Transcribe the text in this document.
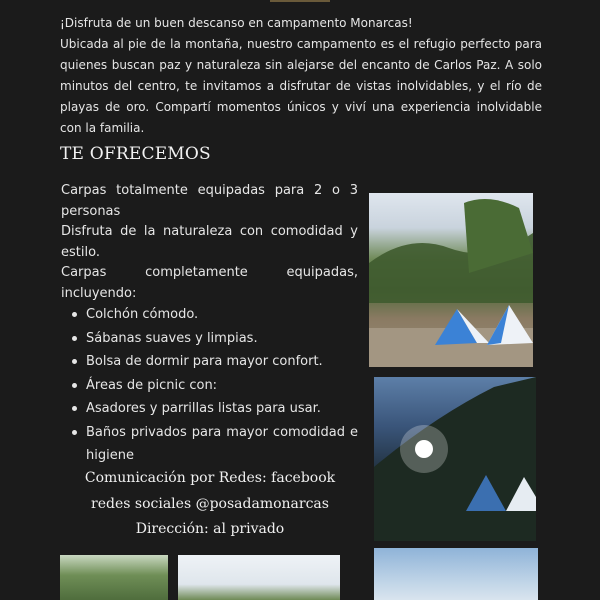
¡Disfruta de un buen descanso en campamento Monarcas!

Ubicada al pie de la montaña, nuestro campamento es el refugio perfecto para quienes buscan paz y naturaleza sin alejarse del encanto de Carlos Paz. A solo minutos del centro, te invitamos a disfrutar de vistas inolvidables, y el río de playas de oro. Compartí momentos únicos y viví una experiencia inolvidable con la familia.

TE OFRECEMOS

Carpas totalmente equipadas para 2 o 3 personas

Disfruta de la naturaleza con comodidad y estilo.

Carpas completamente equipadas, incluyendo:

Colchón cómodo.
Sábanas suaves y limpias.
Bolsa de dormir para mayor confort.
Áreas de picnic con:
Asadores y parrillas listas para usar.
Baños privados para mayor comodidad e higiene

Comunicación por Redes: facebook

redes sociales @posadamonarcas

Dirección: al privado
